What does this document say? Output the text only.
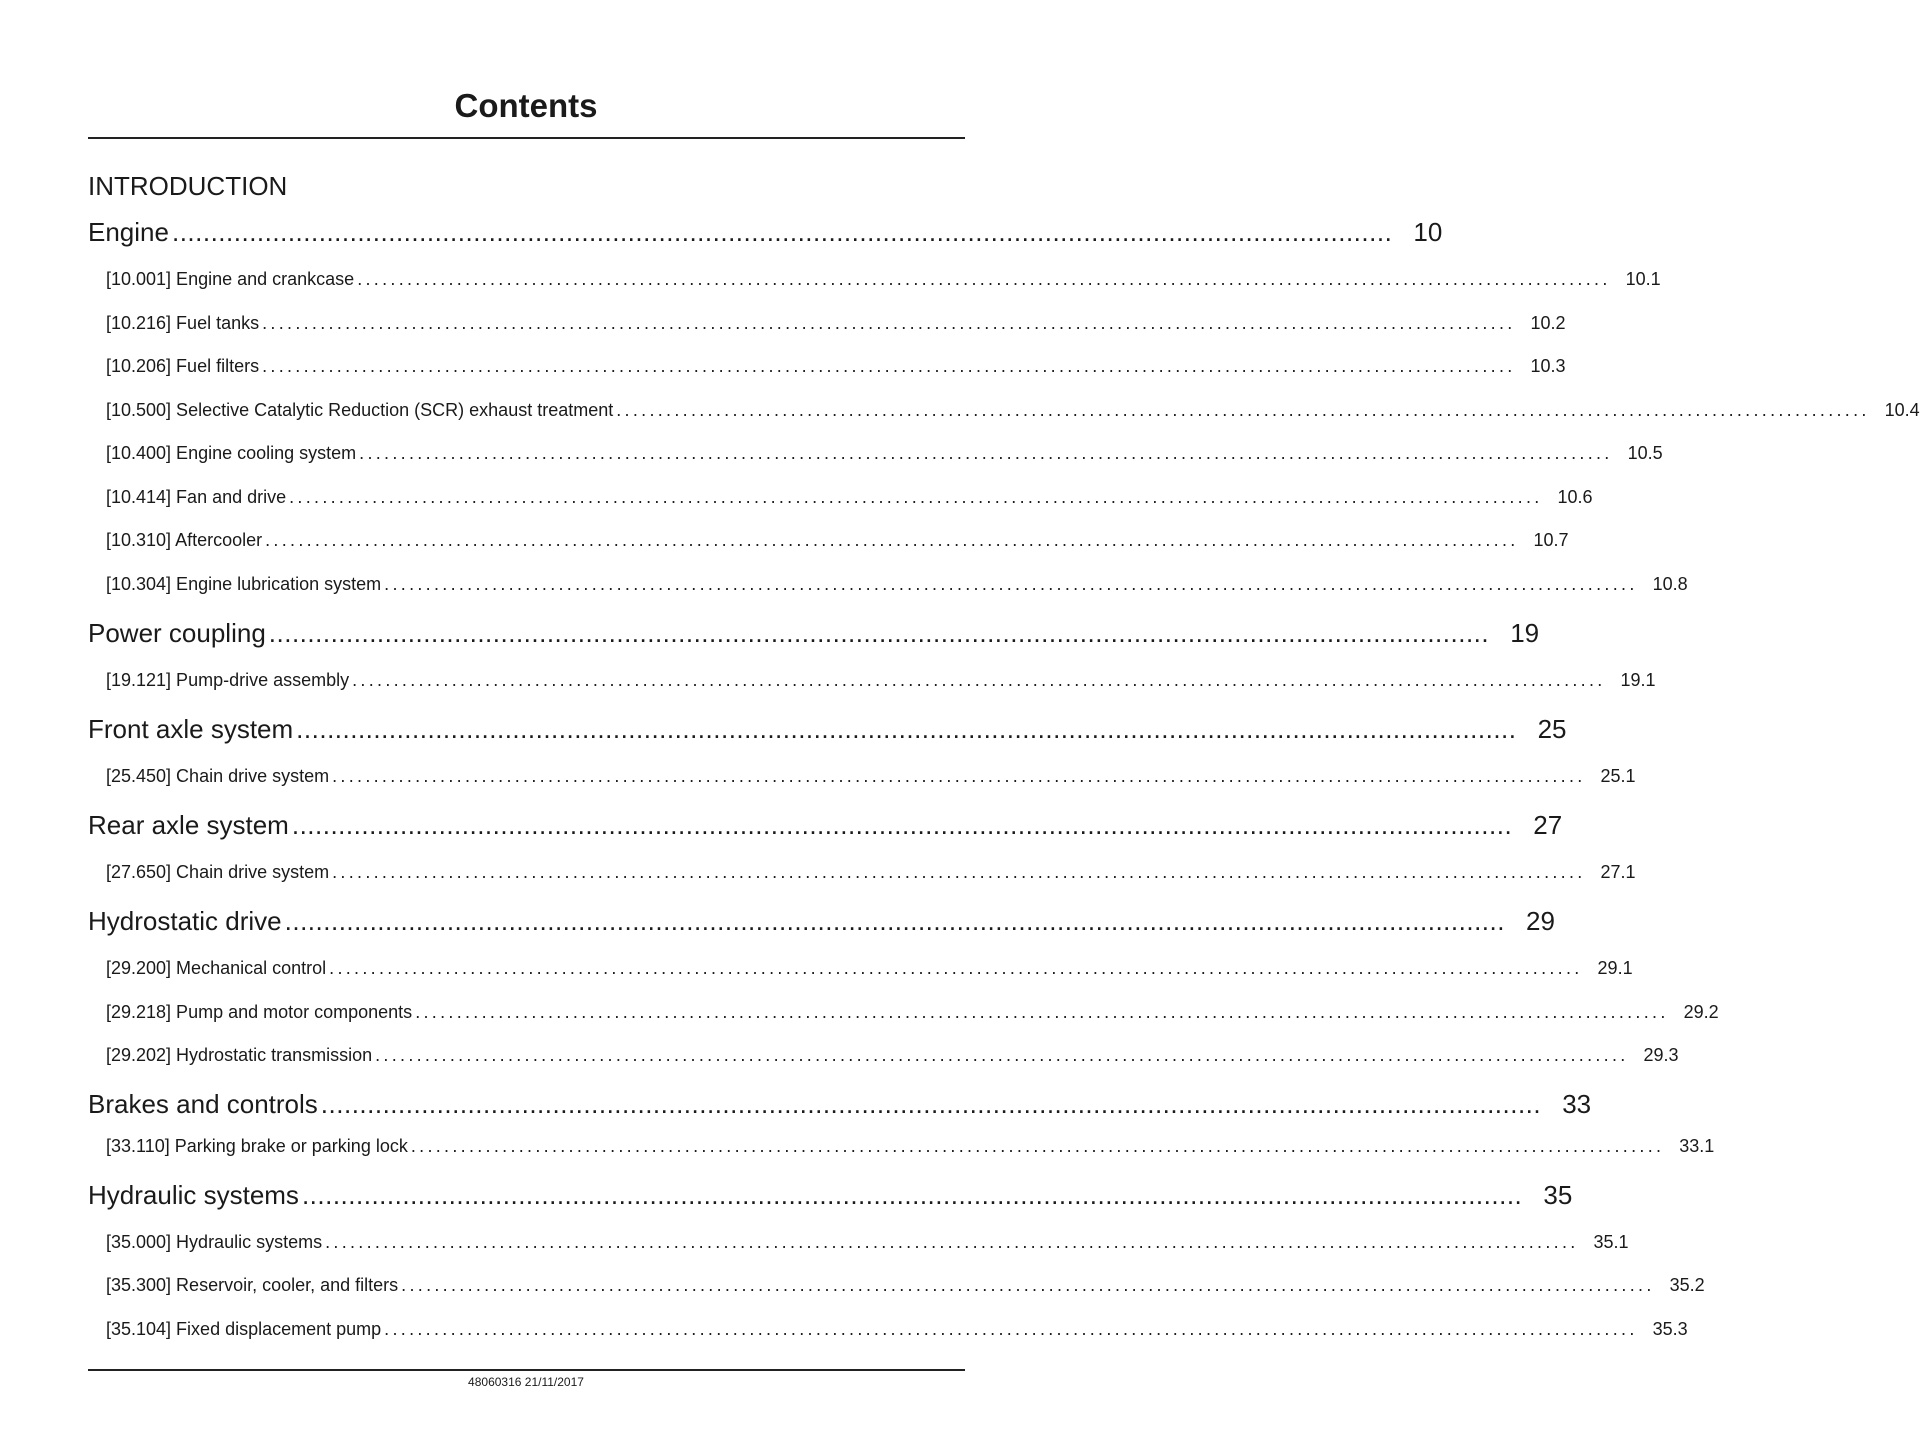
Contents
INTRODUCTION
Engine .............................................................................................................................................................. 10
[10.001] Engine and crankcase ....................................................................................................................................................... 10.1
[10.216] Fuel tanks ....................................................................................................................................................... 10.2
[10.206] Fuel filters ....................................................................................................................................................... 10.3
[10.500] Selective Catalytic Reduction (SCR) exhaust treatment ....................................................................................................................................................... 10.4
[10.400] Engine cooling system ....................................................................................................................................................... 10.5
[10.414] Fan and drive ....................................................................................................................................................... 10.6
[10.310] Aftercooler ....................................................................................................................................................... 10.7
[10.304] Engine lubrication system ....................................................................................................................................................... 10.8
Power coupling .............................................................................................................................................................. 19
[19.121] Pump-drive assembly ....................................................................................................................................................... 19.1
Front axle system .............................................................................................................................................................. 25
[25.450] Chain drive system ....................................................................................................................................................... 25.1
Rear axle system .............................................................................................................................................................. 27
[27.650] Chain drive system ....................................................................................................................................................... 27.1
Hydrostatic drive .............................................................................................................................................................. 29
[29.200] Mechanical control ....................................................................................................................................................... 29.1
[29.218] Pump and motor components ....................................................................................................................................................... 29.2
[29.202] Hydrostatic transmission ....................................................................................................................................................... 29.3
Brakes and controls .............................................................................................................................................................. 33
[33.110] Parking brake or parking lock ....................................................................................................................................................... 33.1
Hydraulic systems .............................................................................................................................................................. 35
[35.000] Hydraulic systems ....................................................................................................................................................... 35.1
[35.300] Reservoir, cooler, and filters ....................................................................................................................................................... 35.2
[35.104] Fixed displacement pump ....................................................................................................................................................... 35.3
48060316 21/11/2017
